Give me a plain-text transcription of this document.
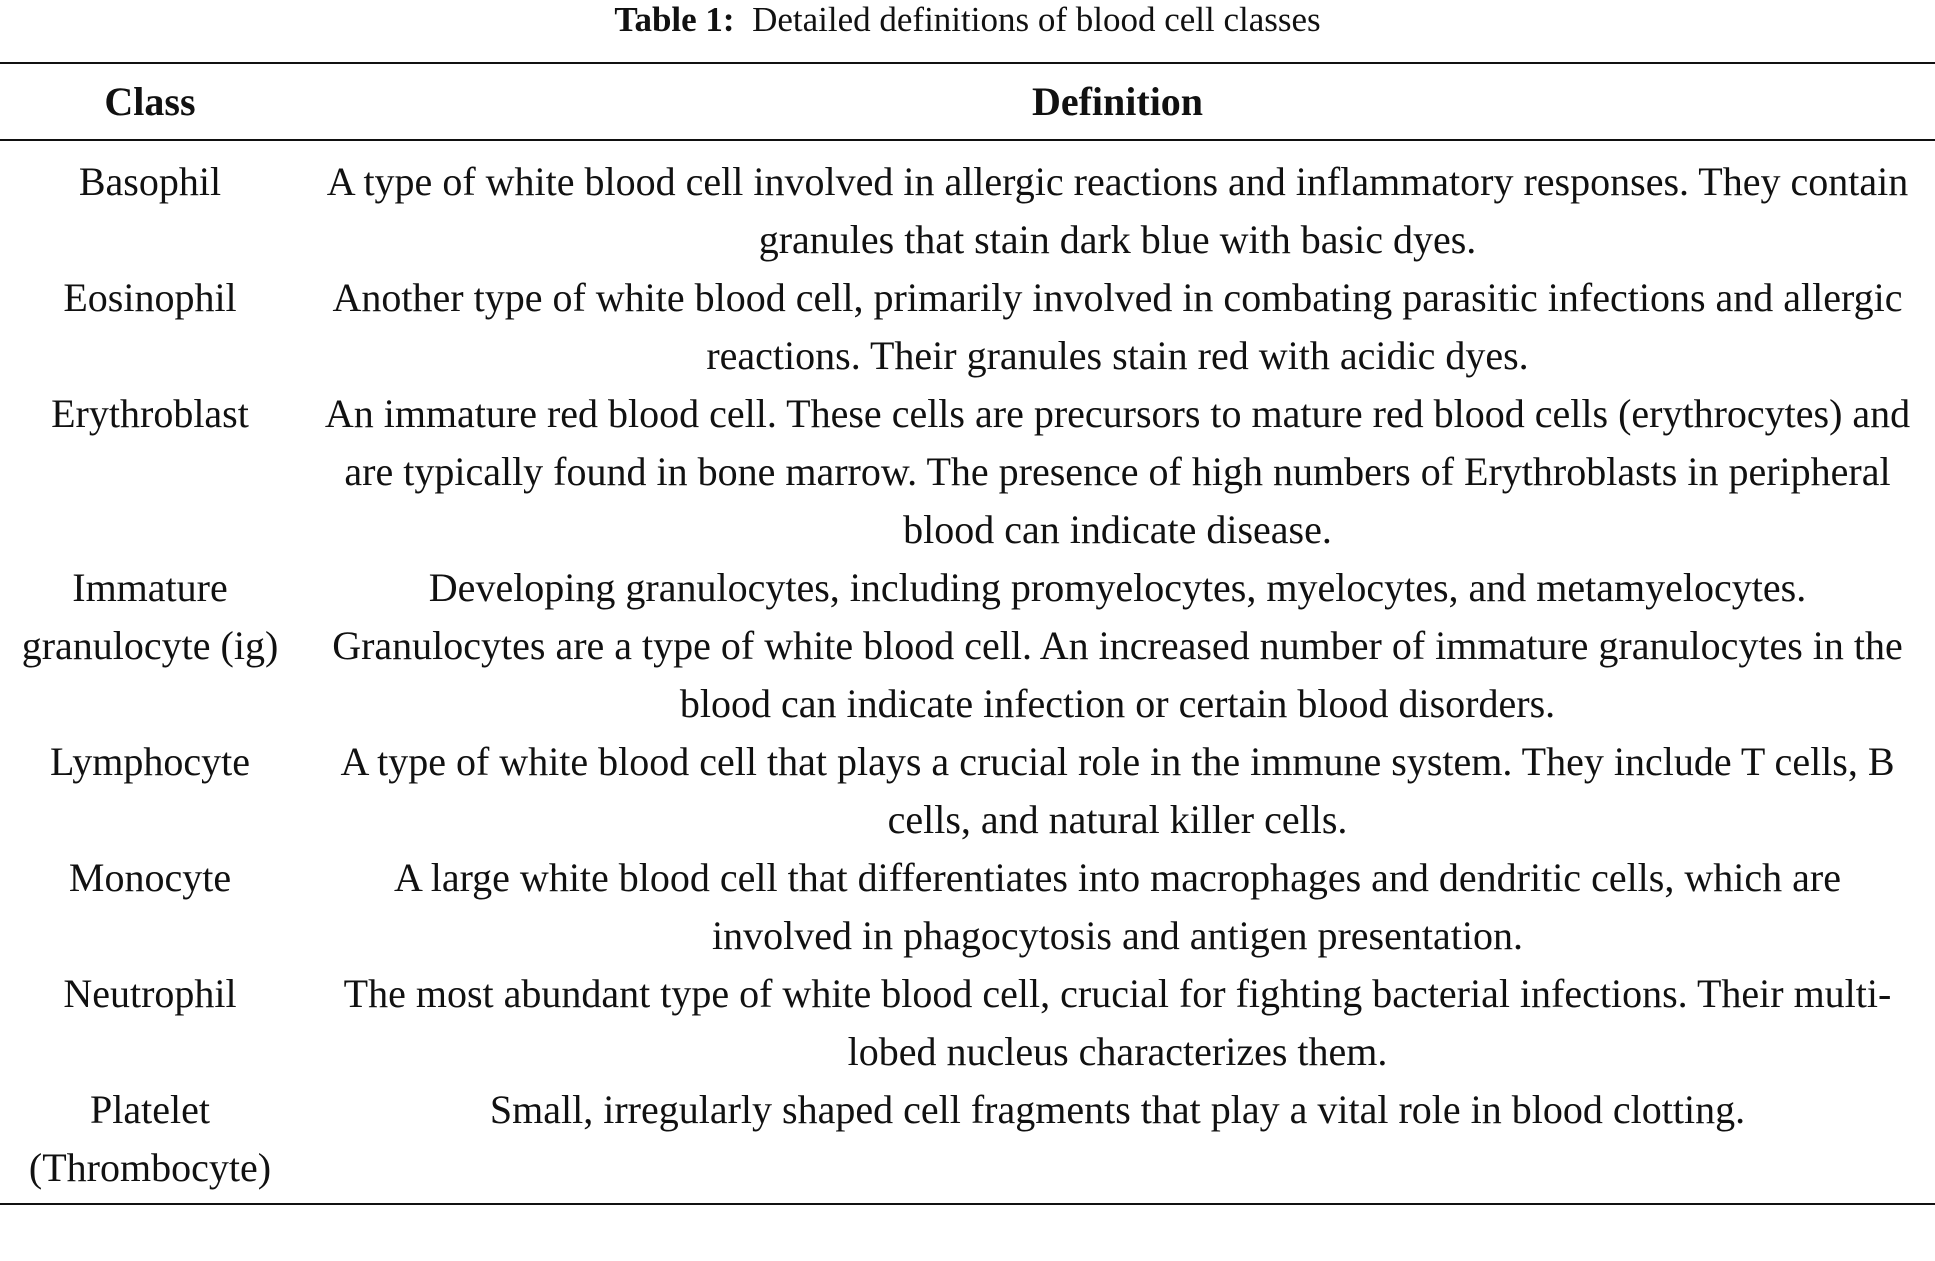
Table 1: Detailed definitions of blood cell classes
Class	Definition
Basophil	A type of white blood cell involved in allergic reactions and inflammatory responses. They contain granules that stain dark blue with basic dyes.
Eosinophil	Another type of white blood cell, primarily involved in combating parasitic infections and allergic reactions. Their granules stain red with acidic dyes.
Erythroblast	An immature red blood cell. These cells are precursors to mature red blood cells (erythrocytes) and are typically found in bone marrow. The presence of high numbers of Erythroblasts in peripheral blood can indicate disease.
Immature granulocyte (ig)	Developing granulocytes, including promyelocytes, myelocytes, and metamyelocytes. Granulocytes are a type of white blood cell. An increased number of immature granulocytes in the blood can indicate infection or certain blood disorders.
Lymphocyte	A type of white blood cell that plays a crucial role in the immune system. They include T cells, B cells, and natural killer cells.
Monocyte	A large white blood cell that differentiates into macrophages and dendritic cells, which are involved in phagocytosis and antigen presentation.
Neutrophil	The most abundant type of white blood cell, crucial for fighting bacterial infections. Their multi-lobed nucleus characterizes them.
Platelet (Thrombocyte)	Small, irregularly shaped cell fragments that play a vital role in blood clotting.
